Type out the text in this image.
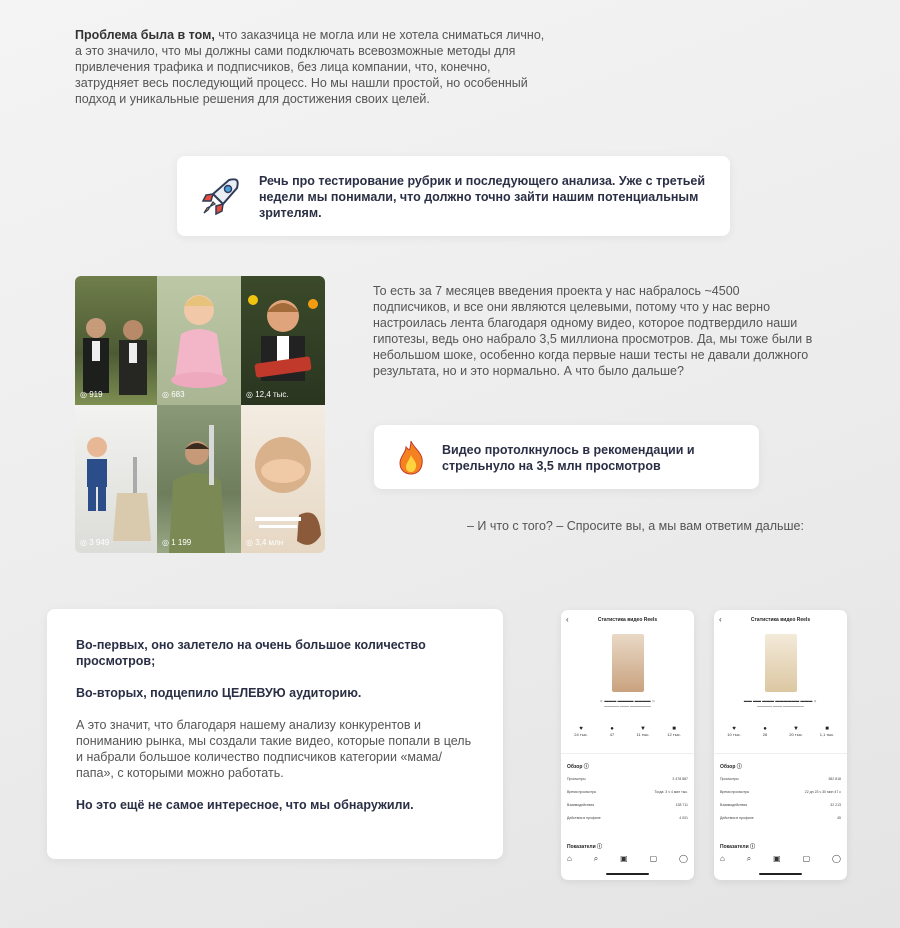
Проблема была в том, что заказчица не могла или не хотела сниматься лично, а это значило, что мы должны сами подключать всевозможные методы для привлечения трафика и подписчиков, без лица компании, что, конечно, затрудняет весь последующий процесс. Но мы нашли простой, но особенный подход и уникальные решения для достижения своих целей.

Речь про тестирование рубрик и последующего анализа. Уже с третьей недели мы понимали, что должно точно зайти нашим потенциальным зрителям.
◎ 919	◎ 683	◎ 12,4 тыс.
◎ 3 949	◎ 1 199	◎ 3,4 млн

То есть за 7 месяцев введения проекта у нас набралось ~4500 подписчиков, и все они являются целевыми, потому что у нас верно настроилась лента благодаря одному видео, которое подтвердило наши гипотезы, ведь оно набрало 3,5 миллиона просмотров. Да, мы тоже были в небольшом шоке, особенно когда первые наши тесты не давали должного результата, но и это нормально. А что было дальше?

Видео протолкнулось в рекомендации и стрельнуло на 3,5 млн просмотров

– И что с того? – Спросите вы, а мы вам ответим дальше:

Во-первых, оно залетело на очень большое количество просмотров;

Во-вторых, подцепило ЦЕЛЕВУЮ аудиторию.

А это значит, что благодаря нашему анализу конкурентов и пониманию рынка, мы создали такие видео, которые попали в цель и набрали большое количество подписчиков категории «мама/папа», с которыми можно работать.

Но это ещё не самое интересное, что мы обнаружили.

‹	Статистика видео Reels
☼ ▬▬▬ ▬▬▬▬ ▬▬▬▬ ☼
▬▬▬▬▬ ▬▬▬ ▬▬▬▬▬▬▬
♥
24 тыс.
●
47
▼
11 тыс.
■
12 тыс.
Обзор ⓘ
Просмотры	3 478 887
Время просмотра	Тогда: 3 ч 4 мин тыс.
Взаимодействия	138 711
Действия в профиле	4 001
Показатели ⓘ
⌂	⌕	▣	▢	◯
‹	Статистика видео Reels
▬▬ ▬▬ ▬▬▬ ▬▬▬▬▬▬ ▬▬▬ ☼
▬▬▬▬▬ ▬▬▬ ▬▬▬▬▬▬▬
♥
10 тыс.
●
26
▼
20 тыс.
■
1,1 тыс.
Обзор ⓘ
Просмотры	382 818
Время просмотра	22 дн 23 ч 30 мин 47 с
Взаимодействия	32 213
Действия в профиле	45
Показатели ⓘ
⌂	⌕	▣	▢	◯
